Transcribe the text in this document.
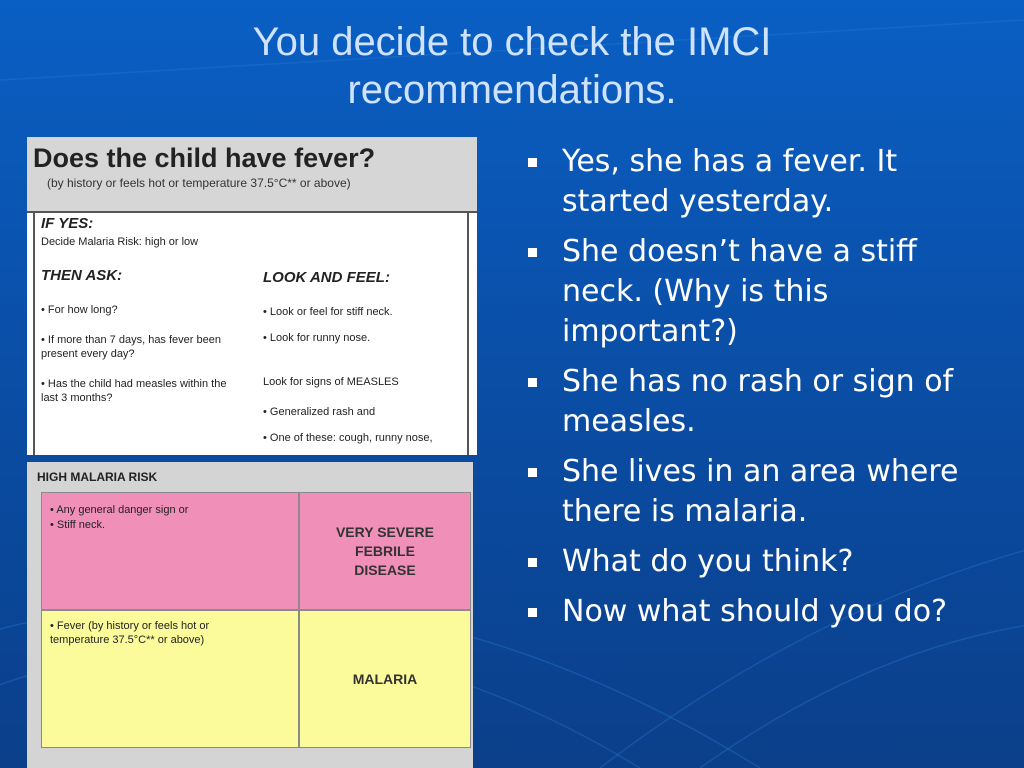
You decide to check the IMCI
recommendations.
Does the child have fever?
(by history or feels hot or temperature 37.5°C** or above)
IF YES:
Decide Malaria Risk: high or low
THEN ASK:	LOOK AND FEEL:
• For how long?
• If more than 7 days, has fever been present every day?
• Has the child had measles within the last 3 months?
• Look or feel for stiff neck.
• Look for runny nose.
Look for signs of MEASLES
• Generalized rash and
• One of these: cough, runny nose,
HIGH MALARIA RISK
• Any general danger sign or
• Stiff neck.	VERY SEVERE
FEBRILE
DISEASE
• Fever (by history or feels hot or temperature 37.5°C** or above)
MALARIA
Yes, she has a fever. It started yesterday.
She doesn’t have a stiff neck. (Why is this important?)
She has no rash or sign of measles.
She lives in an area where there is malaria.
What do you think?
Now what should you do?
